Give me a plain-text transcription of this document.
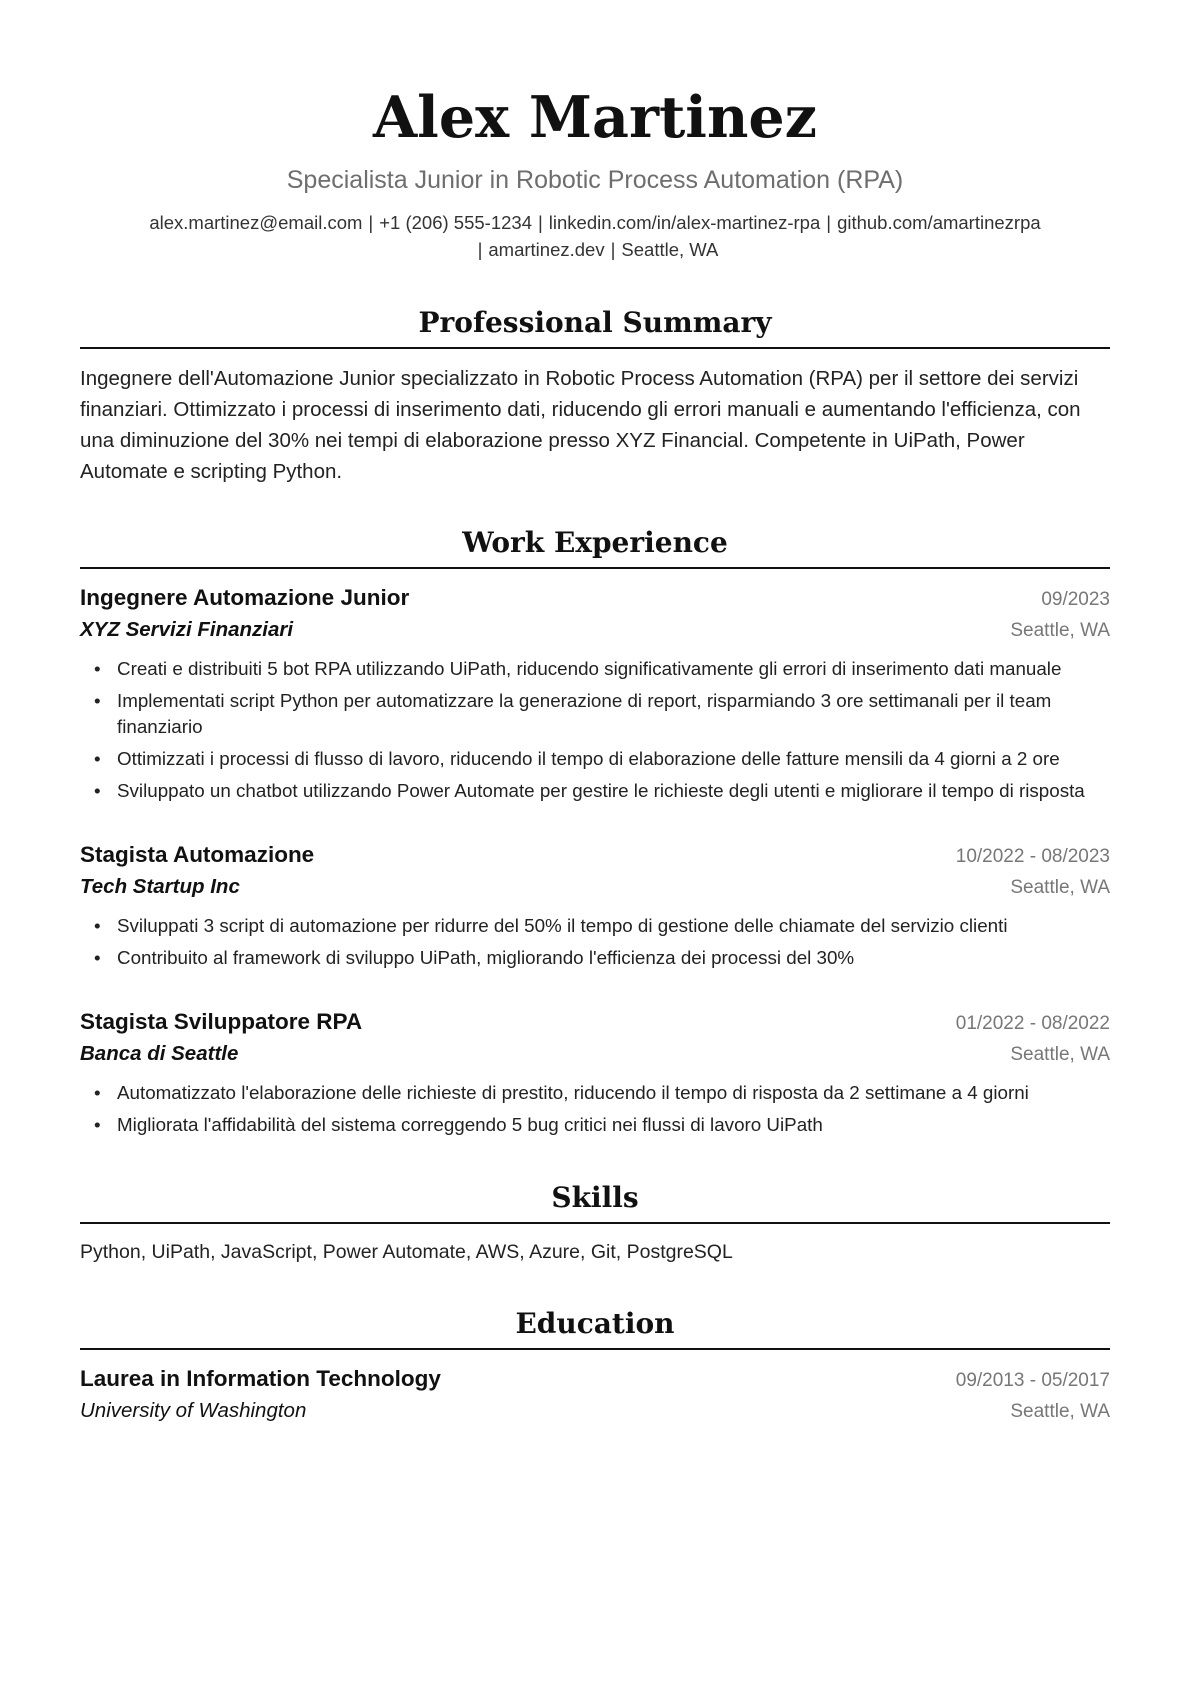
Alex Martinez
Specialista Junior in Robotic Process Automation (RPA)
alex.martinez@email.com | +1 (206) 555-1234 | linkedin.com/in/alex-martinez-rpa | github.com/amartinezrpa
| amartinez.dev | Seattle, WA
Professional Summary
Ingegnere dell'Automazione Junior specializzato in Robotic Process Automation (RPA) per il settore dei servizi finanziari. Ottimizzato i processi di inserimento dati, riducendo gli errori manuali e aumentando l'efficienza, con una diminuzione del 30% nei tempi di elaborazione presso XYZ Financial. Competente in UiPath, Power Automate e scripting Python.
Work Experience
Ingegnere Automazione Junior	09/2023
XYZ Servizi Finanziari	Seattle, WA
• Creati e distribuiti 5 bot RPA utilizzando UiPath, riducendo significativamente gli errori di inserimento dati manuale
• Implementati script Python per automatizzare la generazione di report, risparmiando 3 ore settimanali per il team finanziario
• Ottimizzati i processi di flusso di lavoro, riducendo il tempo di elaborazione delle fatture mensili da 4 giorni a 2 ore
• Sviluppato un chatbot utilizzando Power Automate per gestire le richieste degli utenti e migliorare il tempo di risposta
Stagista Automazione	10/2022 - 08/2023
Tech Startup Inc	Seattle, WA
• Sviluppati 3 script di automazione per ridurre del 50% il tempo di gestione delle chiamate del servizio clienti
• Contribuito al framework di sviluppo UiPath, migliorando l'efficienza dei processi del 30%
Stagista Sviluppatore RPA	01/2022 - 08/2022
Banca di Seattle	Seattle, WA
• Automatizzato l'elaborazione delle richieste di prestito, riducendo il tempo di risposta da 2 settimane a 4 giorni
• Migliorata l'affidabilità del sistema correggendo 5 bug critici nei flussi di lavoro UiPath
Skills
Python, UiPath, JavaScript, Power Automate, AWS, Azure, Git, PostgreSQL
Education
Laurea in Information Technology	09/2013 - 05/2017
University of Washington	Seattle, WA
